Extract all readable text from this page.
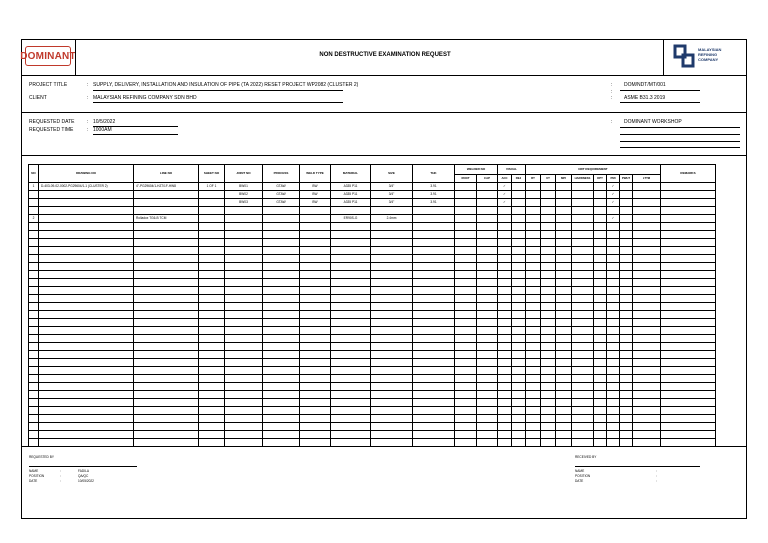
DOMINANT	NON DESTRUCTIVE EXAMINATION REQUEST
MALAYSIAN
REFINING
COMPANY
PROJECT TITLE	: SUPPLY, DELIVERY, INSTALLATION AND INSULATION OF PIPE (TA 2022) RESET PROJECT WP2082 (CLUSTER 2)
CLIENT	: MALAYSIAN REFINING COMPANY SDN BHD
: DOM/NDT/MT/001
:
: ASME B31.3 2019
REQUESTED DATE	: 10/5/2022
REQUESTED TIME	: 1000AM
: DOMINANT WORKSHOP
NO	DRAWING NO	LINE NO	SHEET NO	JOINT NO	PROCESS	WELD TYPE	MATERIAL	SIZE	THK	WELDER NO		VISUAL		NDT REQUIREMENT								REMARKS
										ROOT	CAP	ACC	REJ	RT	UT	MPI	HARDNESS	DPT	PMI	PWHT	LTTM	
1	D-403-09-02-0002-PG29604/1-1 (CLUSTER 2)	4"-PG29604/1-HZ7/1F-HW8	1 OF 1	BW01	GTAW	BW	A335 P11	3/4"	3.91			✓							✓			
				BW02	GTAW	BW	A335 P11	3/4"	3.91			✓							✓			
				BW03	GTAW	BW	A335 P11	3/4"	3.91			✓							✓			

2		Rolladox TG6-B TCM					ER90S-G	2.4mm											✓			

REQUESTED BY
NAME	:	FADILA
POSITION	:	QA/QC
DATE	:	10/05/2022
RECEIVED BY
NAME	:
POSITION	:
DATE	:
